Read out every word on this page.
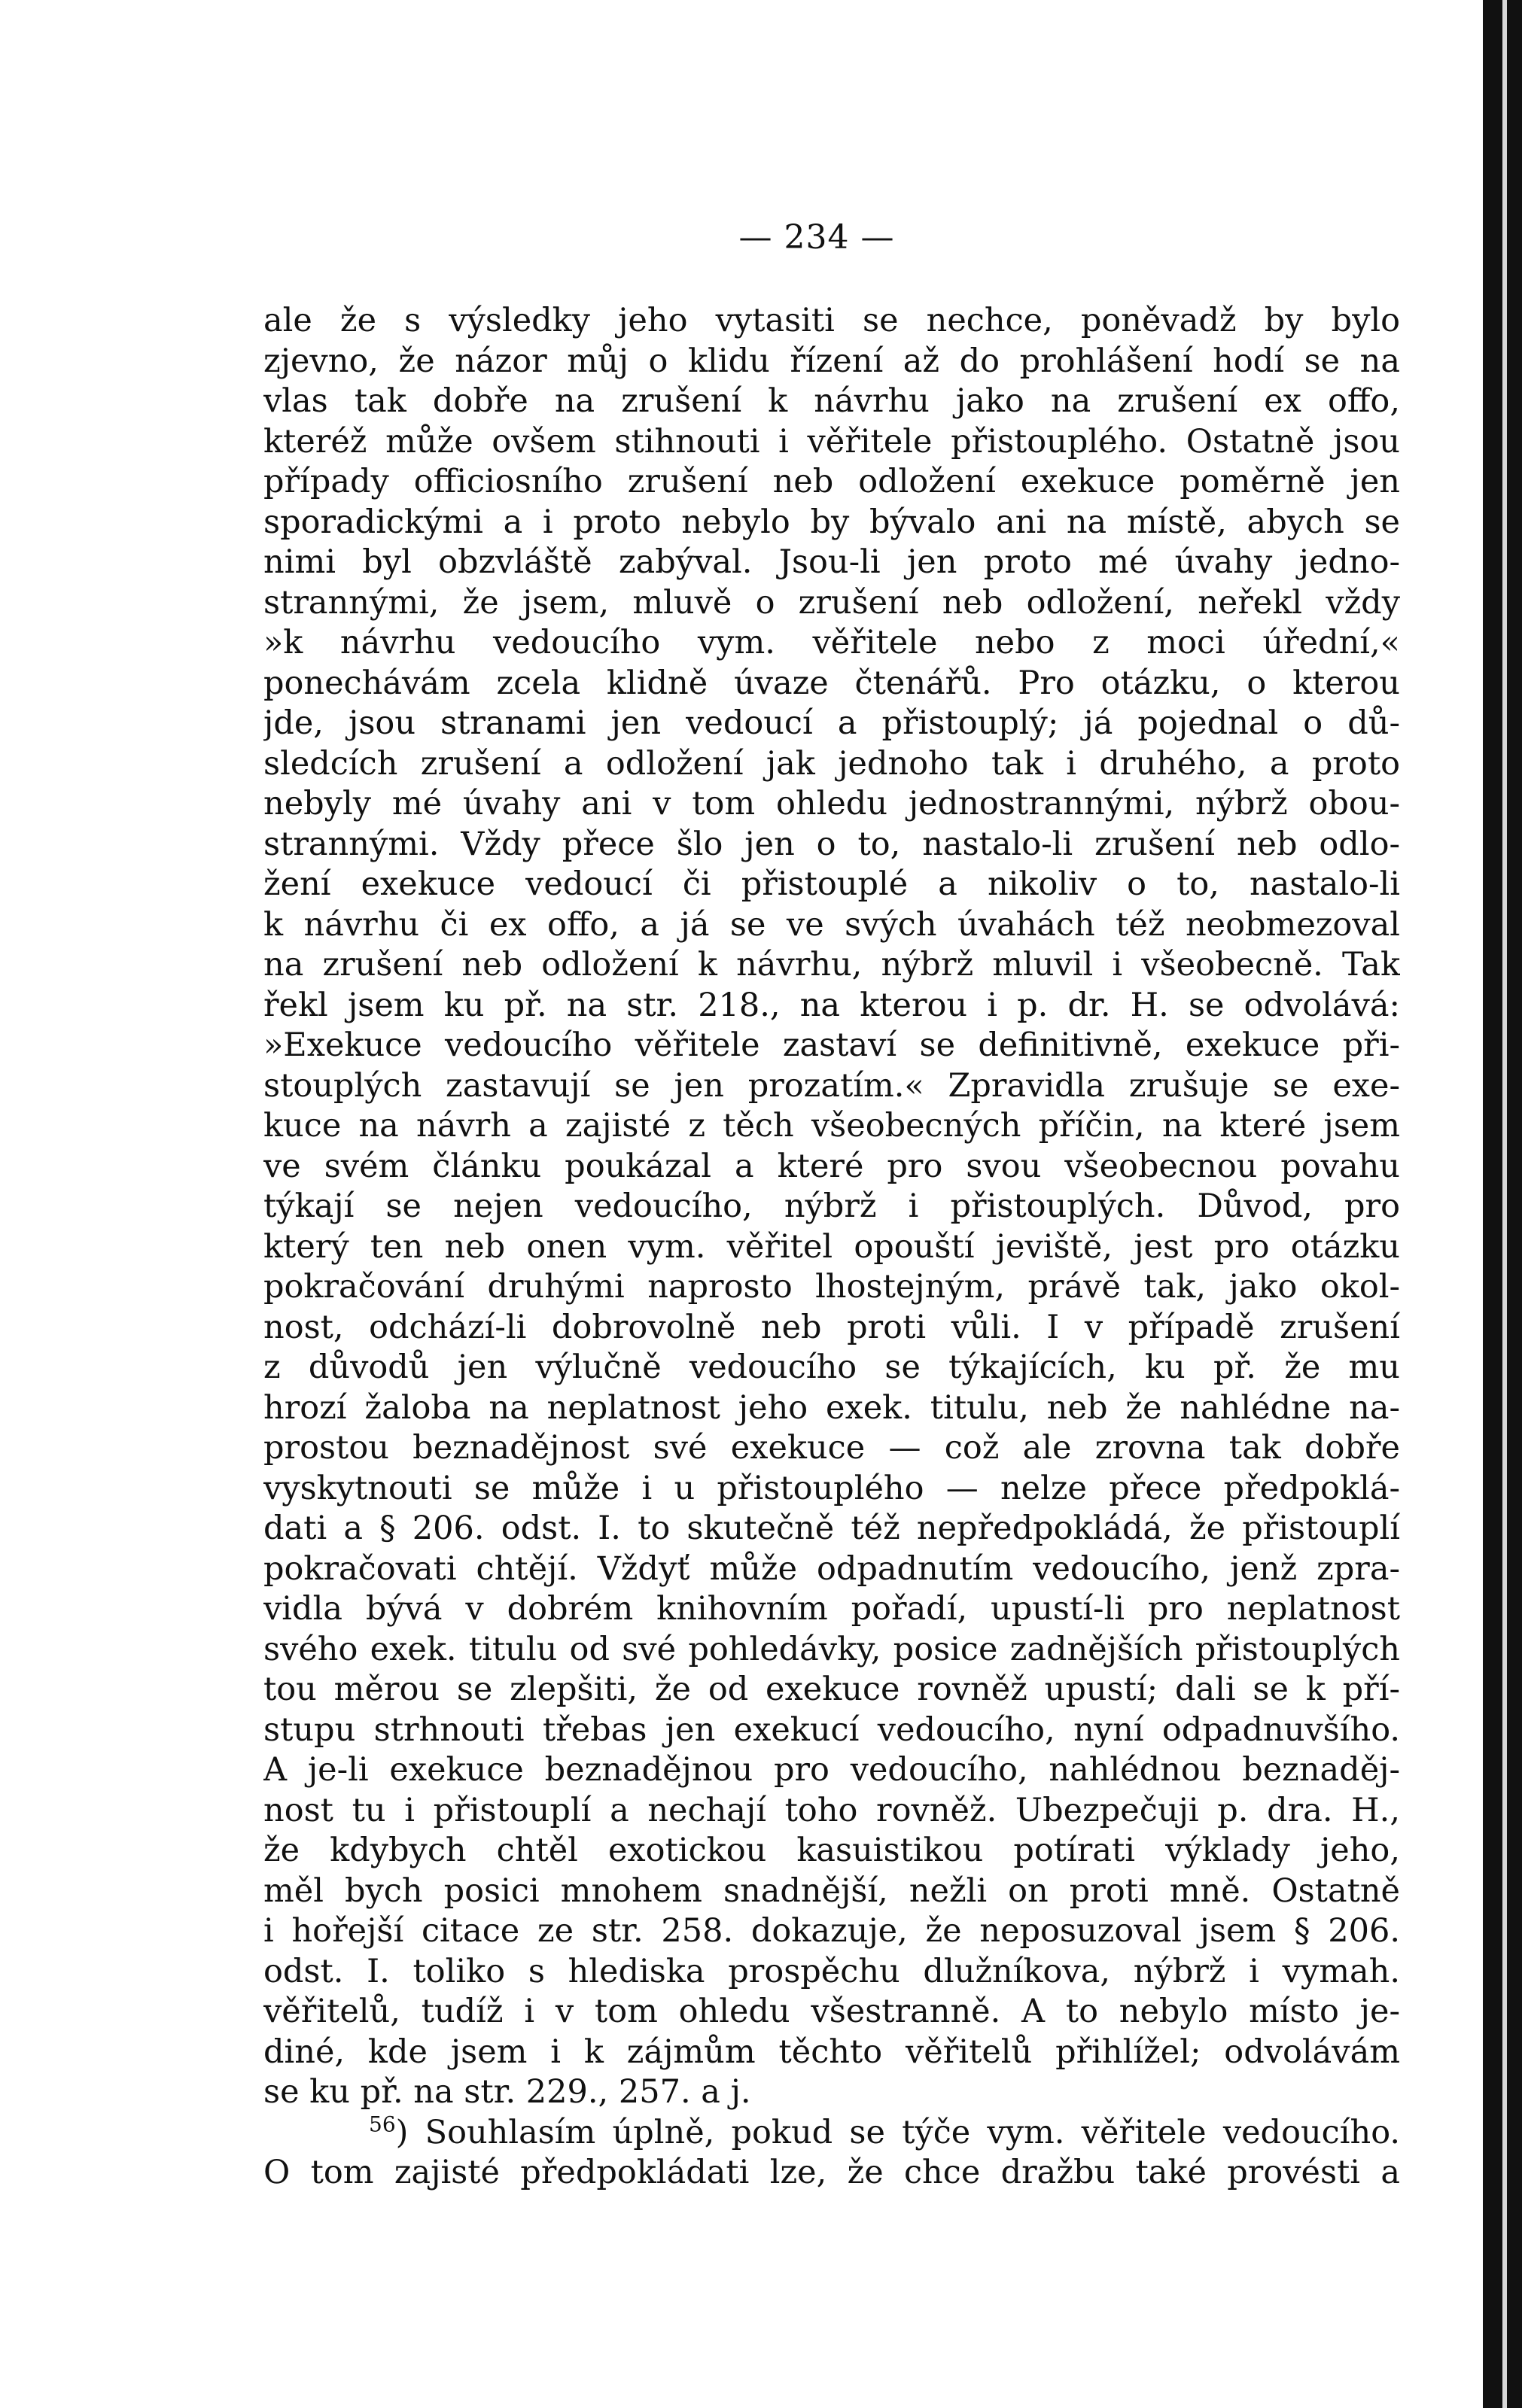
— 234 —
ale že s výsledky jeho vytasiti se nechce, poněvadž by bylo
zjevno, že názor můj o klidu řízení až do prohlášení hodí se na
vlas tak dobře na zrušení k návrhu jako na zrušení ex offo,
kteréž může ovšem stihnouti i věřitele přistouplého. Ostatně jsou
případy officiosního zrušení neb odložení exekuce poměrně jen
sporadickými a i proto nebylo by bývalo ani na místě, abych se
nimi byl obzvláště zabýval. Jsou-li jen proto mé úvahy jedno-
strannými, že jsem, mluvě o zrušení neb odložení, neřekl vždy
»k návrhu vedoucího vym. věřitele nebo z moci úřední,«
ponechávám zcela klidně úvaze čtenářů. Pro otázku, o kterou
jde, jsou stranami jen vedoucí a přistouplý; já pojednal o dů-
sledcích zrušení a odložení jak jednoho tak i druhého, a proto
nebyly mé úvahy ani v tom ohledu jednostrannými, nýbrž obou-
strannými. Vždy přece šlo jen o to, nastalo-li zrušení neb odlo-
žení exekuce vedoucí či přistouplé a nikoliv o to, nastalo-li
k návrhu či ex offo, a já se ve svých úvahách též neobmezoval
na zrušení neb odložení k návrhu, nýbrž mluvil i všeobecně. Tak
řekl jsem ku př. na str. 218., na kterou i p. dr. H. se odvolává:
»Exekuce vedoucího věřitele zastaví se definitivně, exekuce při-
stouplých zastavují se jen prozatím.« Zpravidla zrušuje se exe-
kuce na návrh a zajisté z těch všeobecných příčin, na které jsem
ve svém článku poukázal a které pro svou všeobecnou povahu
týkají se nejen vedoucího, nýbrž i přistouplých. Důvod, pro
který ten neb onen vym. věřitel opouští jeviště, jest pro otázku
pokračování druhými naprosto lhostejným, právě tak, jako okol-
nost, odchází-li dobrovolně neb proti vůli. I v případě zrušení
z důvodů jen výlučně vedoucího se týkajících, ku př. že mu
hrozí žaloba na neplatnost jeho exek. titulu, neb že nahlédne na-
prostou beznadějnost své exekuce — což ale zrovna tak dobře
vyskytnouti se může i u přistouplého — nelze přece předpoklá-
dati a § 206. odst. I. to skutečně též nepředpokládá, že přistouplí
pokračovati chtějí. Vždyť může odpadnutím vedoucího, jenž zpra-
vidla bývá v dobrém knihovním pořadí, upustí-li pro neplatnost
svého exek. titulu od své pohledávky, posice zadnějších přistouplých
tou měrou se zlepšiti, že od exekuce rovněž upustí; dali se k pří-
stupu strhnouti třebas jen exekucí vedoucího, nyní odpadnuvšího.
A je-li exekuce beznadějnou pro vedoucího, nahlédnou beznaděj-
nost tu i přistouplí a nechají toho rovněž. Ubezpečuji p. dra. H.,
že kdybych chtěl exotickou kasuistikou potírati výklady jeho,
měl bych posici mnohem snadnější, nežli on proti mně. Ostatně
i hořejší citace ze str. 258. dokazuje, že neposuzoval jsem § 206.
odst. I. toliko s hlediska prospěchu dlužníkova, nýbrž i vymah.
věřitelů, tudíž i v tom ohledu všestranně. A to nebylo místo je-
diné, kde jsem i k zájmům těchto věřitelů přihlížel; odvolávám
se ku př. na str. 229., 257. a j.
$^{56}$) Souhlasím úplně, pokud se týče vym. věřitele vedoucího.
O tom zajisté předpokládati lze, že chce dražbu také provésti a
